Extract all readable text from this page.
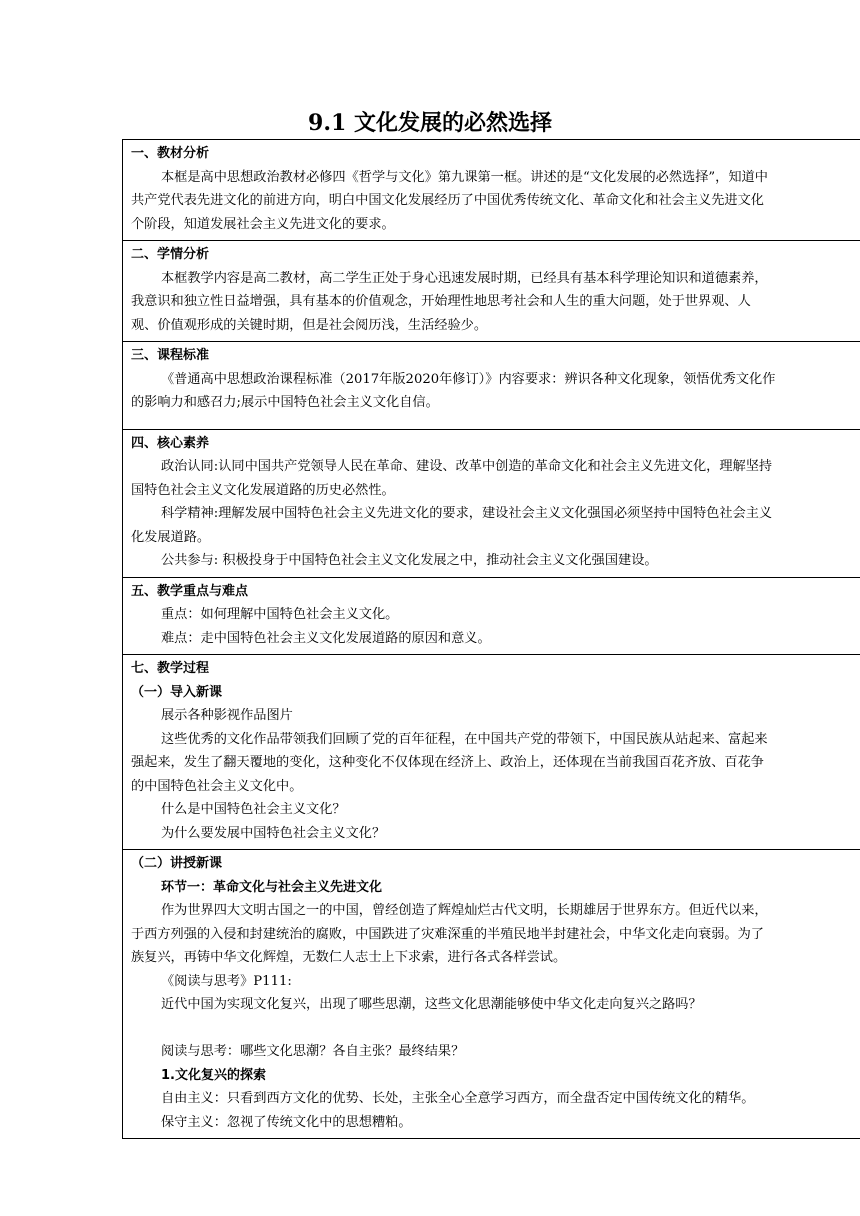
9.1 文化发展的必然选择

一、教材分析

本框是高中思想政治教材必修四《哲学与文化》第九课第一框。讲述的是“文化发展的必然选择”，知道中

共产党代表先进文化的前进方向，明白中国文化发展经历了中国优秀传统文化、革命文化和社会主义先进文化

个阶段，知道发展社会主义先进文化的要求。

二、学情分析

本框教学内容是高二教材，高二学生正处于身心迅速发展时期，已经具有基本科学理论知识和道德素养，

我意识和独立性日益增强，具有基本的价值观念，开始理性地思考社会和人生的重大问题，处于世界观、人

观、价值观形成的关键时期，但是社会阅历浅，生活经验少。

三、课程标准

《普通高中思想政治课程标准（2017年版2020年修订）》内容要求：辨识各种文化现象，领悟优秀文化作

的影响力和感召力;展示中国特色社会主义文化自信。

四、核心素养

政治认同:认同中国共产党领导人民在革命、建设、改革中创造的革命文化和社会主义先进文化，理解坚持

国特色社会主义文化发展道路的历史必然性。

科学精神:理解发展中国特色社会主义先进文化的要求，建设社会主义文化强国必须坚持中国特色社会主义

化发展道路。

公共参与: 积极投身于中国特色社会主义文化发展之中，推动社会主义文化强国建设。

五、教学重点与难点

重点：如何理解中国特色社会主义文化。

难点：走中国特色社会主义文化发展道路的原因和意义。

七、教学过程

（一）导入新课

展示各种影视作品图片

这些优秀的文化作品带领我们回顾了党的百年征程，在中国共产党的带领下，中国民族从站起来、富起来

强起来，发生了翻天覆地的变化，这种变化不仅体现在经济上、政治上，还体现在当前我国百花齐放、百花争

的中国特色社会主义文化中。

什么是中国特色社会主义文化？

为什么要发展中国特色社会主义文化？

（二）讲授新课

环节一：革命文化与社会主义先进文化

作为世界四大文明古国之一的中国，曾经创造了辉煌灿烂古代文明，长期雄居于世界东方。但近代以来，

于西方列强的入侵和封建统治的腐败，中国跌进了灾难深重的半殖民地半封建社会，中华文化走向衰弱。为了

族复兴，再铸中华文化辉煌，无数仁人志士上下求索，进行各式各样尝试。

《阅读与思考》P111:

近代中国为实现文化复兴，出现了哪些思潮，这些文化思潮能够使中华文化走向复兴之路吗？

阅读与思考：哪些文化思潮？各自主张？最终结果？

1.文化复兴的探索

自由主义：只看到西方文化的优势、长处，主张全心全意学习西方，而全盘否定中国传统文化的精华。

保守主义：忽视了传统文化中的思想糟粕。
